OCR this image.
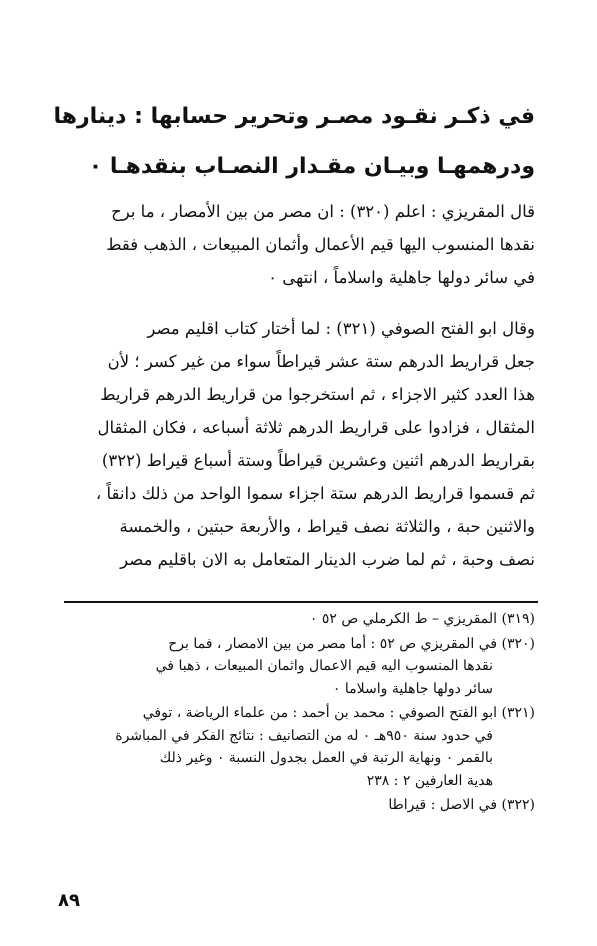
في ذكـر نقـود مصـر وتحرير حسابها : دينارها
ودرهمهـا وبيـان مقـدار النصـاب بنقدهـا ٠
قال المقريزي : اعلم (٣٢٠) : ان مصر من بين الأمصار ، ما برح
نقدها المنسوب اليها قيم الأعمال وأثمان المبيعات ، الذهب فقط
في سائر دولها جاهلية واسلاماً ، انتهى ٠
وقال ابو الفتح الصوفي (٣٢١) : لما أختار كتاب اقليم مصر
جعل قراريط الدرهم ستة عشر قيراطاً سواء من غير كسر ؛ لأن
هذا العدد كثير الاجزاء ، ثم استخرجوا من قراريط الدرهم قراريط
المثقال ، فزادوا على قراريط الدرهم ثلاثة أسباعه ، فكان المثقال
بقراريط الدرهم اثنين وعشرين قيراطاً وستة أسباع قيراط (٣٢٢)
ثم قسموا قراريط الدرهم ستة اجزاء سموا الواحد من ذلك دانقاً ،
والاثنين حبة ، والثلاثة نصف قيراط ، والأربعة حبتين ، والخمسة
نصف وحبة ، ثم لما ضرب الدينار المتعامل به الان باقليم مصر
(٣١٩) المقريزي – ط الكرملي ص ٥٢ ٠
(٣٢٠) في المقريزي ص ٥٢ : أما مصر من بين الامصار ، فما برح
نقدها المنسوب اليه قيم الاعمال واثمان المبيعات ، ذهبا في
سائر دولها جاهلية واسلاما ٠
(٣٢١) ابو الفتح الصوفي : محمد بن أحمد : من علماء الرياضة ، توفي
في حدود سنة ٩٥٠هـ ٠ له من التصانيف : نتائج الفكر في المباشرة
بالقمر ٠ ونهاية الرتبة في العمل بجدول النسبة ٠ وغير ذلك
هدية العارفين ٢ : ٢٣٨
(٣٢٢) في الاصل : قيراطا
٨٩
